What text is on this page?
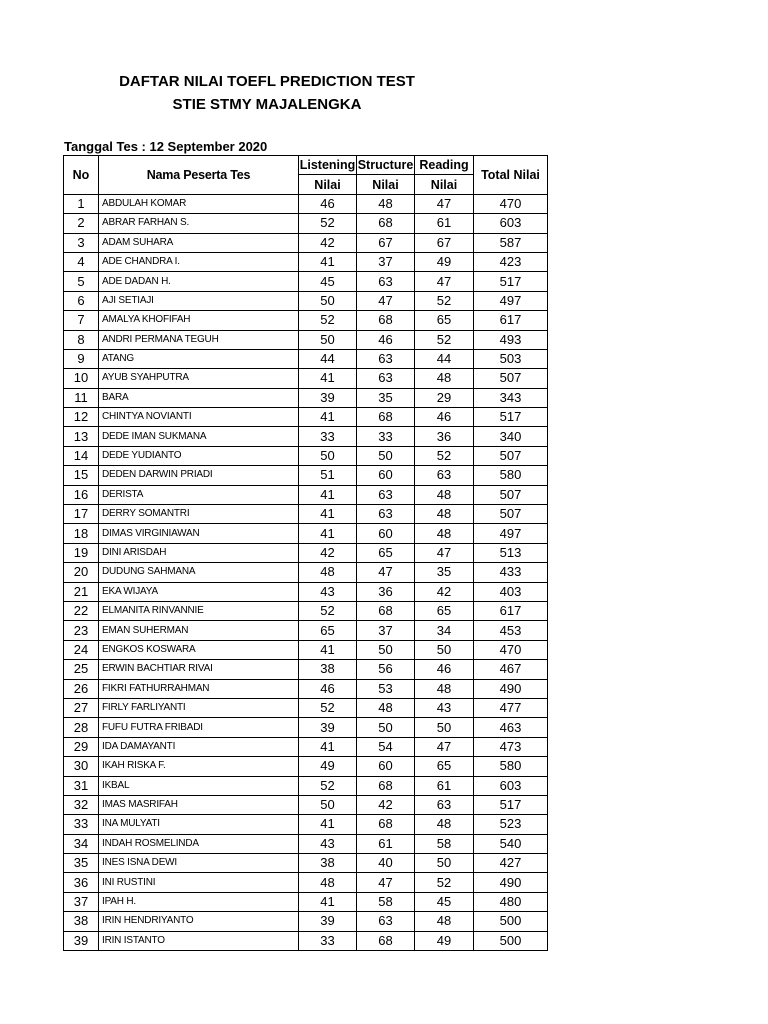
DAFTAR NILAI TOEFL PREDICTION TEST
STIE STMY MAJALENGKA
Tanggal Tes : 12 September 2020
No	Nama Peserta Tes	Listening	Structure	Reading	Total Nilai
		Nilai	Nilai	Nilai	
1	ABDULAH KOMAR	46	48	47	470
2	ABRAR FARHAN S.	52	68	61	603
3	ADAM SUHARA	42	67	67	587
4	ADE CHANDRA I.	41	37	49	423
5	ADE DADAN H.	45	63	47	517
6	AJI SETIAJI	50	47	52	497
7	AMALYA KHOFIFAH	52	68	65	617
8	ANDRI PERMANA TEGUH	50	46	52	493
9	ATANG	44	63	44	503
10	AYUB SYAHPUTRA	41	63	48	507
11	BARA	39	35	29	343
12	CHINTYA NOVIANTI	41	68	46	517
13	DEDE IMAN SUKMANA	33	33	36	340
14	DEDE YUDIANTO	50	50	52	507
15	DEDEN DARWIN PRIADI	51	60	63	580
16	DERISTA	41	63	48	507
17	DERRY SOMANTRI	41	63	48	507
18	DIMAS VIRGINIAWAN	41	60	48	497
19	DINI ARISDAH	42	65	47	513
20	DUDUNG SAHMANA	48	47	35	433
21	EKA WIJAYA	43	36	42	403
22	ELMANITA RINVANNIE	52	68	65	617
23	EMAN SUHERMAN	65	37	34	453
24	ENGKOS KOSWARA	41	50	50	470
25	ERWIN BACHTIAR RIVAI	38	56	46	467
26	FIKRI FATHURRAHMAN	46	53	48	490
27	FIRLY FARLIYANTI	52	48	43	477
28	FUFU FUTRA FRIBADI	39	50	50	463
29	IDA DAMAYANTI	41	54	47	473
30	IKAH RISKA F.	49	60	65	580
31	IKBAL	52	68	61	603
32	IMAS MASRIFAH	50	42	63	517
33	INA MULYATI	41	68	48	523
34	INDAH ROSMELINDA	43	61	58	540
35	INES ISNA DEWI	38	40	50	427
36	INI RUSTINI	48	47	52	490
37	IPAH H.	41	58	45	480
38	IRIN HENDRIYANTO	39	63	48	500
39	IRIN ISTANTO	33	68	49	500
